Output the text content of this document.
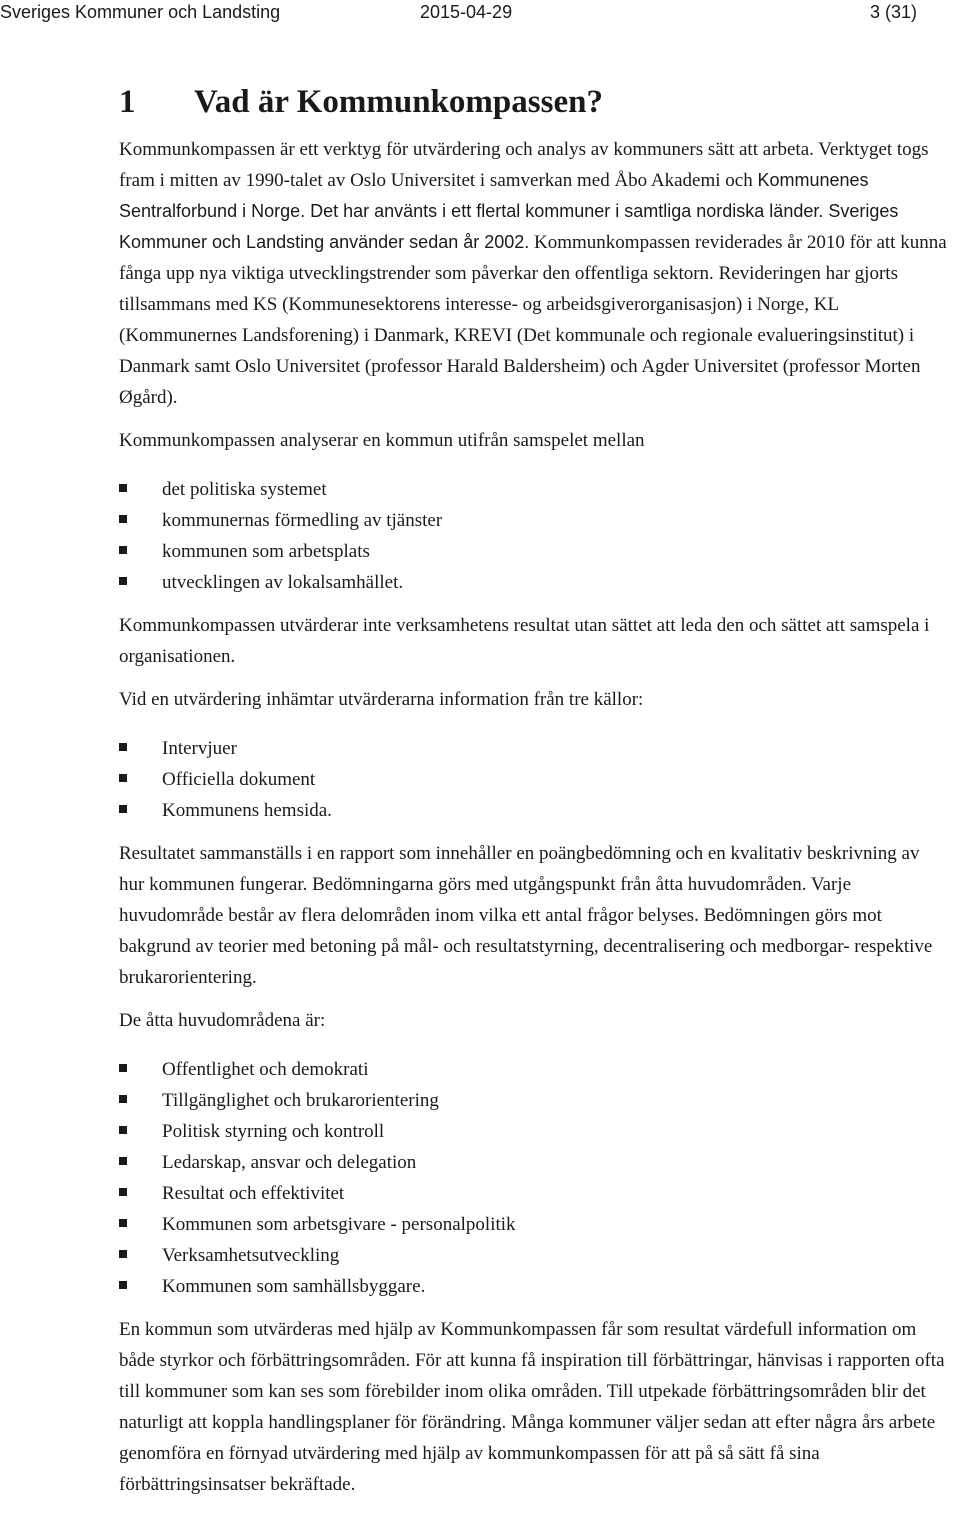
Sveriges Kommuner och Landsting	2015-04-29	3 (31)
1 Vad är Kommunkompassen?

Kommunkompassen är ett verktyg för utvärdering och analys av kommuners sätt att arbeta. Verktyget togs fram i mitten av 1990-talet av Oslo Universitet i samverkan med Åbo Akademi och Kommunenes Sentralforbund i Norge. Det har använts i ett flertal kommuner i samtliga nordiska länder. Sveriges Kommuner och Landsting använder sedan år 2002. Kommunkompassen reviderades år 2010 för att kunna fånga upp nya viktiga utvecklingstrender som påverkar den offentliga sektorn. Revideringen har gjorts tillsammans med KS (Kommunesektorens interesse- og arbeidsgiverorganisasjon) i Norge, KL (Kommunernes Landsforening) i Danmark, KREVI (Det kommunale och regionale evalueringsinstitut) i Danmark samt Oslo Universitet (professor Harald Baldersheim) och Agder Universitet (professor Morten Øgård).

Kommunkompassen analyserar en kommun utifrån samspelet mellan

det politiska systemet
kommunernas förmedling av tjänster
kommunen som arbetsplats
utvecklingen av lokalsamhället.

Kommunkompassen utvärderar inte verksamhetens resultat utan sättet att leda den och sättet att samspela i organisationen.

Vid en utvärdering inhämtar utvärderarna information från tre källor:

Intervjuer
Officiella dokument
Kommunens hemsida.

Resultatet sammanställs i en rapport som innehåller en poängbedömning och en kvalitativ beskrivning av hur kommunen fungerar. Bedömningarna görs med utgångspunkt från åtta huvudområden. Varje huvudområde består av flera delområden inom vilka ett antal frågor belyses. Bedömningen görs mot bakgrund av teorier med betoning på mål- och resultatstyrning, decentralisering och medborgar- respektive brukarorientering.

De åtta huvudområdena är:

Offentlighet och demokrati
Tillgänglighet och brukarorientering
Politisk styrning och kontroll
Ledarskap, ansvar och delegation
Resultat och effektivitet
Kommunen som arbetsgivare - personalpolitik
Verksamhetsutveckling
Kommunen som samhällsbyggare.

En kommun som utvärderas med hjälp av Kommunkompassen får som resultat värdefull information om både styrkor och förbättringsområden. För att kunna få inspiration till förbättringar, hänvisas i rapporten ofta till kommuner som kan ses som förebilder inom olika områden. Till utpekade förbättringsområden blir det naturligt att koppla handlingsplaner för förändring. Många kommuner väljer sedan att efter några års arbete genomföra en förnyad utvärdering med hjälp av kommunkompassen för att på så sätt få sina förbättringsinsatser bekräftade.
